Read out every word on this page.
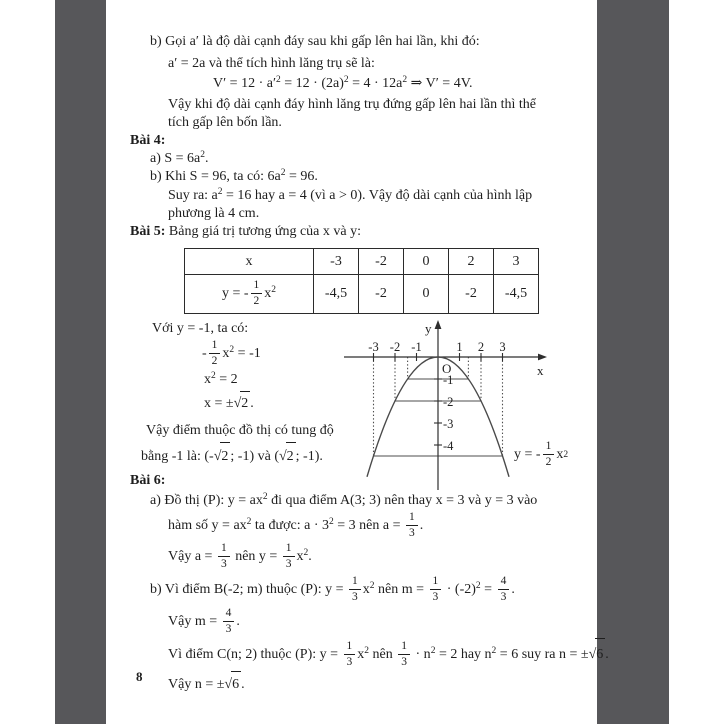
b) Gọi a′ là độ dài cạnh đáy sau khi gấp lên hai lần, khi đó:
a′ = 2a và thể tích hình lăng trụ sẽ là:
$V' = 12 \cdot a'^2 = 12 \cdot (2a)^2 = 4 \cdot 12a^2$ ⇒ V′ = 4V.
Vậy khi độ dài cạnh đáy hình lăng trụ đứng gấp lên hai lần thì thể
tích gấp lên bốn lần.
Bài 4:
a) $S = 6a^2$.
b) Khi S = 96, ta có: $6a^2 = 96$.
Suy ra: $a^2 = 16$ hay a = 4 (vì a > 0). Vậy độ dài cạnh của hình lập
phương là 4 cm.
Bài 5: Bảng giá trị tương ứng của x và y:
x	-3	-2	0	2	3
y = - $\frac{1}{2} x^2$	-4,5	-2	0	-2	-4,5
Với y = -1, ta có:
- $\frac{1}{2} x^2 = -1$
$x^2 = 2$
x = ±√2 .
Vậy điểm thuộc đồ thị có tung độ
bằng -1 là: (-√2 ; -1) và (√2 ; -1).
-3 -2 -1	1 2 3
-1
-2
-3
-4
O	x
y
y = - $\frac{1}{2}$ x 2
Bài 6:
a) Đồ thị (P): $y = ax^2$ đi qua điểm A(3; 3) nên thay x = 3 và y = 3 vào
hàm số $y = ax^2$ ta được: $a \cdot 3^2 = 3$ nên $a = \frac{1}{3}$ .
Vậy $a = \frac{1}{3}$ nên $y = \frac{1}{3} x^2$.
b) Vì điểm B(-2; m) thuộc (P): $y = \frac{1}{3} x^2$ nên $m = \frac{1}{3} \cdot (-2)^2 = \frac{4}{3}$ .
Vậy $m = \frac{4}{3}$ .
Vì điểm C(n; 2) thuộc (P): $y = \frac{1}{3} x^2$ nên $\frac{1}{3} \cdot n^2 = 2$ hay $n^2 = 6$ suy ra n = ±√6
Vậy n = ±√6 .
8
